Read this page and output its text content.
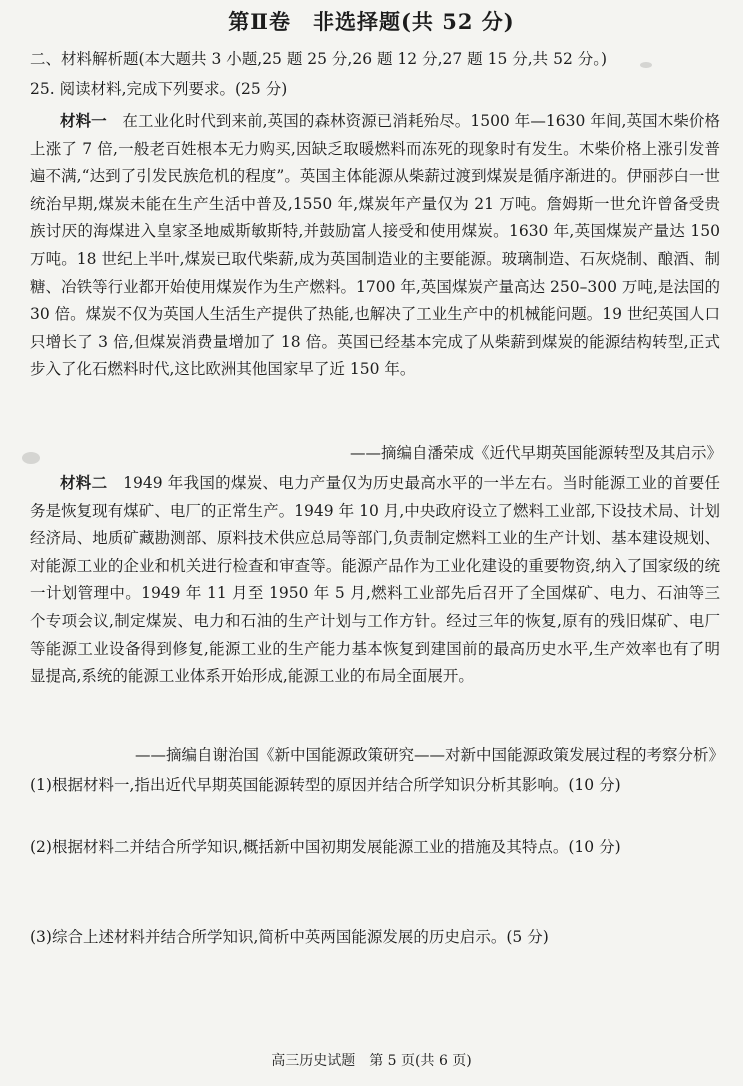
第Ⅱ卷　非选择题(共 52 分)
二、材料解析题(本大题共 3 小题,25 题 25 分,26 题 12 分,27 题 15 分,共 52 分。)
25. 阅读材料,完成下列要求。(25 分)
材料一　在工业化时代到来前,英国的森林资源已消耗殆尽。1500 年—1630 年间,英国木柴价格上涨了 7 倍,一般老百姓根本无力购买,因缺乏取暖燃料而冻死的现象时有发生。木柴价格上涨引发普遍不满,“达到了引发民族危机的程度”。英国主体能源从柴薪过渡到煤炭是循序渐进的。伊丽莎白一世统治早期,煤炭未能在生产生活中普及,1550 年,煤炭年产量仅为 21 万吨。詹姆斯一世允许曾备受贵族讨厌的海煤进入皇家圣地威斯敏斯特,并鼓励富人接受和使用煤炭。1630 年,英国煤炭产量达 150 万吨。18 世纪上半叶,煤炭已取代柴薪,成为英国制造业的主要能源。玻璃制造、石灰烧制、酿酒、制糖、冶铁等行业都开始使用煤炭作为生产燃料。1700 年,英国煤炭产量高达 250–300 万吨,是法国的 30 倍。煤炭不仅为英国人生活生产提供了热能,也解决了工业生产中的机械能问题。19 世纪英国人口只增长了 3 倍,但煤炭消费量增加了 18 倍。英国已经基本完成了从柴薪到煤炭的能源结构转型,正式步入了化石燃料时代,这比欧洲其他国家早了近 150 年。
——摘编自潘荣成《近代早期英国能源转型及其启示》
材料二　1949 年我国的煤炭、电力产量仅为历史最高水平的一半左右。当时能源工业的首要任务是恢复现有煤矿、电厂的正常生产。1949 年 10 月,中央政府设立了燃料工业部,下设技术局、计划经济局、地质矿藏勘测部、原料技术供应总局等部门,负责制定燃料工业的生产计划、基本建设规划、对能源工业的企业和机关进行检查和审查等。能源产品作为工业化建设的重要物资,纳入了国家级的统一计划管理中。1949 年 11 月至 1950 年 5 月,燃料工业部先后召开了全国煤矿、电力、石油等三个专项会议,制定煤炭、电力和石油的生产计划与工作方针。经过三年的恢复,原有的残旧煤矿、电厂等能源工业设备得到修复,能源工业的生产能力基本恢复到建国前的最高历史水平,生产效率也有了明显提高,系统的能源工业体系开始形成,能源工业的布局全面展开。
——摘编自谢治国《新中国能源政策研究——对新中国能源政策发展过程的考察分析》
(1)根据材料一,指出近代早期英国能源转型的原因并结合所学知识分析其影响。(10 分)
(2)根据材料二并结合所学知识,概括新中国初期发展能源工业的措施及其特点。(10 分)
(3)综合上述材料并结合所学知识,简析中英两国能源发展的历史启示。(5 分)
高三历史试题　第 5 页(共 6 页)
